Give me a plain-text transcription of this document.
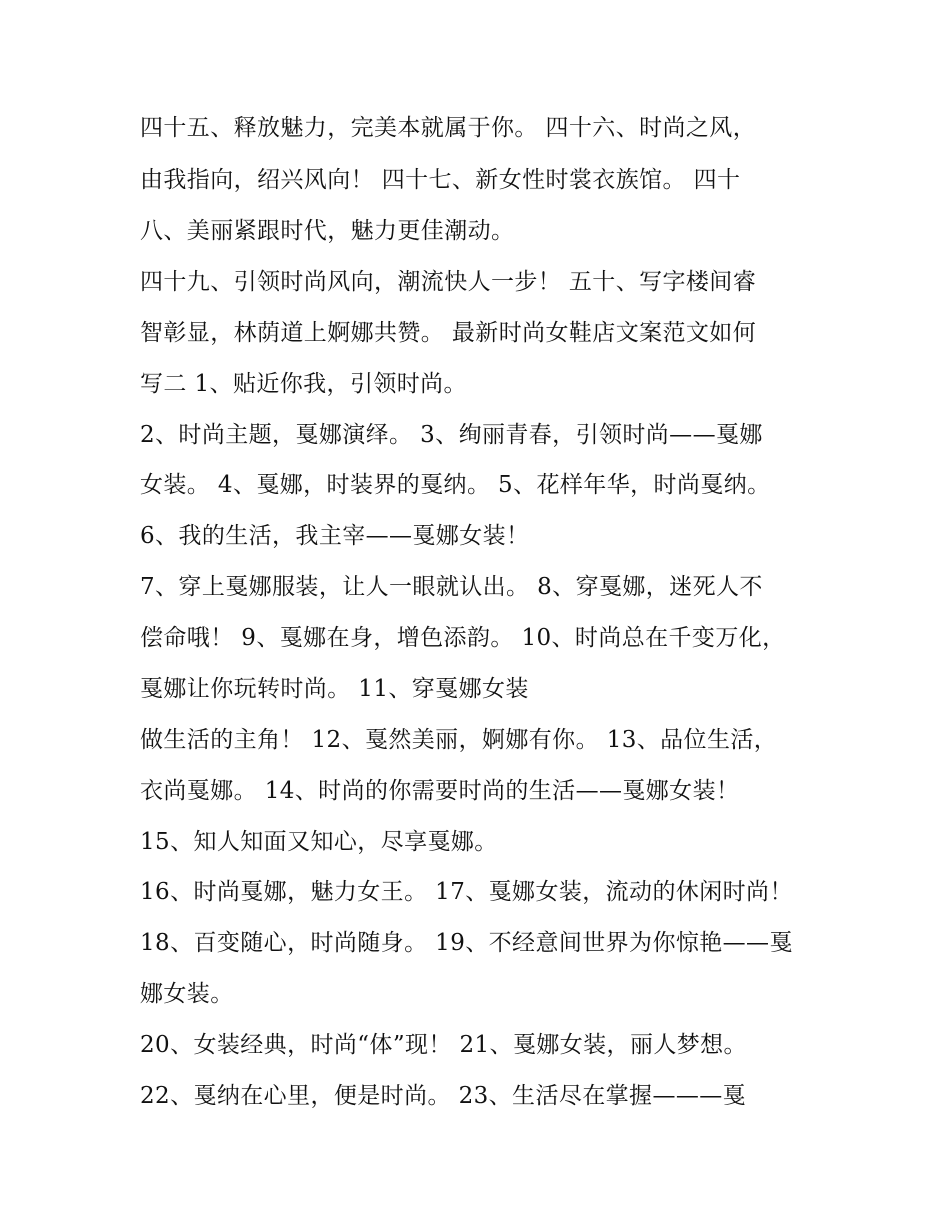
四十五、释放魅力，完美本就属于你。 四十六、时尚之风，
由我指向，绍兴风向！ 四十七、新女性时裳衣族馆。 四十
八、美丽紧跟时代，魅力更佳潮动。
四十九、引领时尚风向，潮流快人一步！ 五十、写字楼间睿
智彰显，林荫道上婀娜共赞。 最新时尚女鞋店文案范文如何
写二 1、贴近你我，引领时尚。
2、时尚主题，戛娜演绎。 3、绚丽青春，引领时尚——戛娜
女装。 4、戛娜，时装界的戛纳。 5、花样年华，时尚戛纳。
6、我的生活，我主宰——戛娜女装！
7、穿上戛娜服装，让人一眼就认出。 8、穿戛娜，迷死人不
偿命哦！ 9、戛娜在身，增色添韵。 10、时尚总在千变万化，
戛娜让你玩转时尚。 11、穿戛娜女装
做生活的主角！ 12、戛然美丽，婀娜有你。 13、品位生活，
衣尚戛娜。 14、时尚的你需要时尚的生活——戛娜女装！
15、知人知面又知心，尽享戛娜。
16、时尚戛娜，魅力女王。 17、戛娜女装，流动的休闲时尚！
18、百变随心，时尚随身。 19、不经意间世界为你惊艳——戛
娜女装。
20、女装经典，时尚“体”现！ 21、戛娜女装，丽人梦想。
22、戛纳在心里，便是时尚。 23、生活尽在掌握———戛
